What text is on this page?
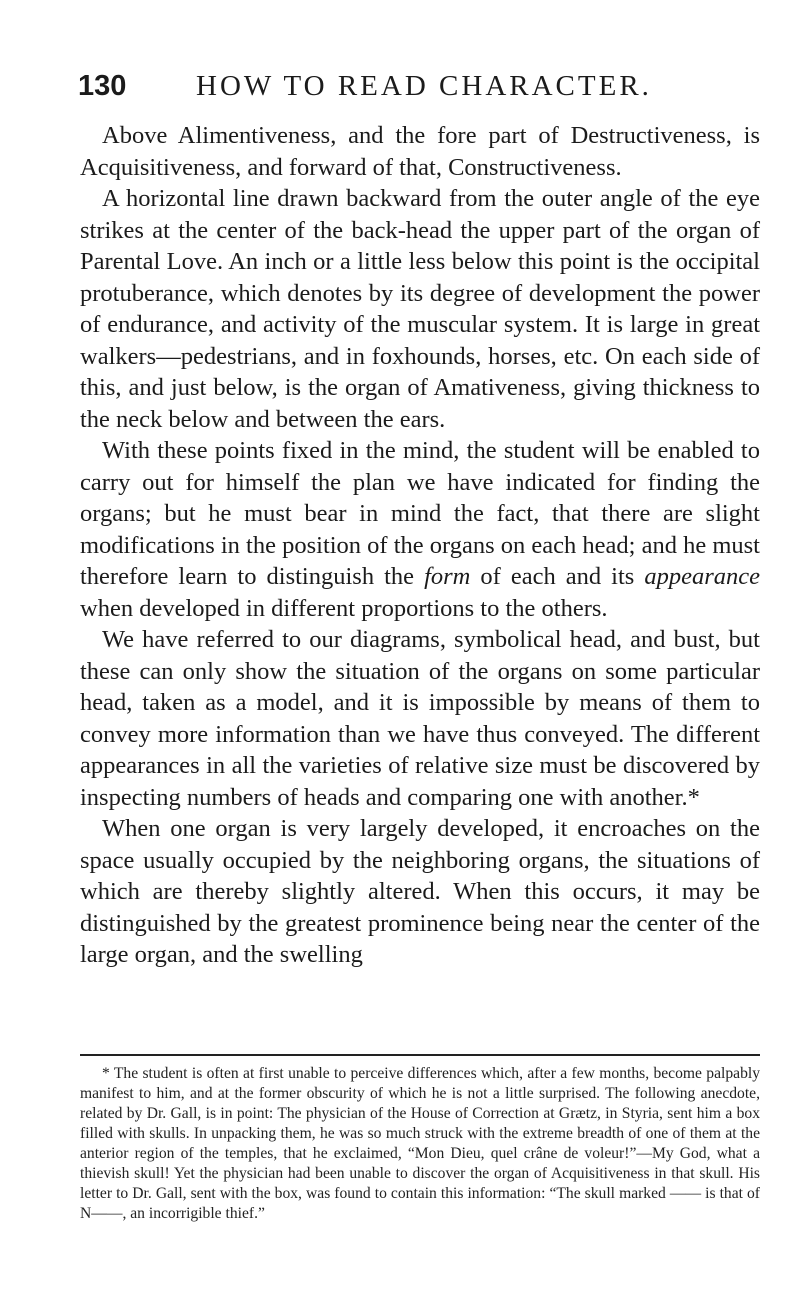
130 HOW TO READ CHARACTER.

Above Alimentiveness, and the fore part of Destructiveness, is Acquisitiveness, and forward of that, Constructiveness.

A horizontal line drawn backward from the outer angle of the eye strikes at the center of the back-head the upper part of the organ of Parental Love. An inch or a little less below this point is the occipital protuberance, which denotes by its degree of development the power of endurance, and activity of the muscular system. It is large in great walkers—pedestrians, and in foxhounds, horses, etc. On each side of this, and just below, is the organ of Amativeness, giving thickness to the neck below and between the ears.

With these points fixed in the mind, the student will be enabled to carry out for himself the plan we have indicated for finding the organs; but he must bear in mind the fact, that there are slight modifications in the position of the organs on each head; and he must therefore learn to distinguish the form of each and its appearance when developed in different proportions to the others.

We have referred to our diagrams, symbolical head, and bust, but these can only show the situation of the organs on some particular head, taken as a model, and it is impossible by means of them to convey more information than we have thus conveyed. The different appearances in all the varieties of relative size must be discovered by inspecting numbers of heads and comparing one with another.*

When one organ is very largely developed, it encroaches on the space usually occupied by the neighboring organs, the situations of which are thereby slightly altered. When this occurs, it may be distinguished by the greatest prominence being near the center of the large organ, and the swelling

* The student is often at first unable to perceive differences which, after a few months, become palpably manifest to him, and at the former obscurity of which he is not a little surprised. The following anecdote, related by Dr. Gall, is in point: The physician of the House of Correction at Grætz, in Styria, sent him a box filled with skulls. In unpacking them, he was so much struck with the extreme breadth of one of them at the anterior region of the temples, that he exclaimed, “Mon Dieu, quel crâne de voleur!”—My God, what a thievish skull! Yet the physician had been unable to discover the organ of Acquisitiveness in that skull. His letter to Dr. Gall, sent with the box, was found to contain this information: “The skull marked —— is that of N——, an incorrigible thief.”
